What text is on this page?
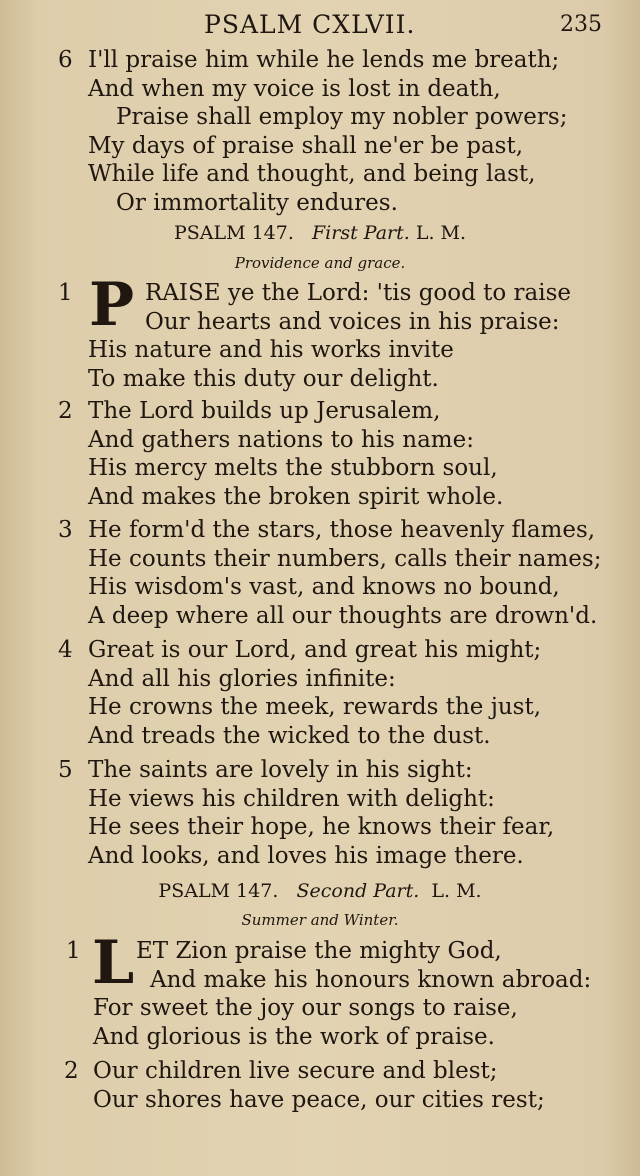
PSALM CXLVII.	235
6 I'll praise him while he lends me breath;
And when my voice is lost in death,
Praise shall employ my nobler powers;
My days of praise shall ne'er be past,
While life and thought, and being last,
Or immortality endures.
PSALM 147. First Part. L. M.
Providence and grace.
P
1	RAISE ye the Lord: 'tis good to raise
Our hearts and voices in his praise:
His nature and his works invite
To make this duty our delight.
2 The Lord builds up Jerusalem,
And gathers nations to his name:
His mercy melts the stubborn soul,
And makes the broken spirit whole.
3 He form'd the stars, those heavenly flames,
He counts their numbers, calls their names;
His wisdom's vast, and knows no bound,
A deep where all our thoughts are drown'd.
4 Great is our Lord, and great his might;
And all his glories infinite:
He crowns the meek, rewards the just,
And treads the wicked to the dust.
5 The saints are lovely in his sight:
He views his children with delight:
He sees their hope, he knows their fear,
And looks, and loves his image there.
PSALM 147. Second Part. L. M.
Summer and Winter.
L
1 ET Zion praise the mighty God,
And make his honours known abroad:
For sweet the joy our songs to raise,
And glorious is the work of praise.
2 Our children live secure and blest;
Our shores have peace, our cities rest;
